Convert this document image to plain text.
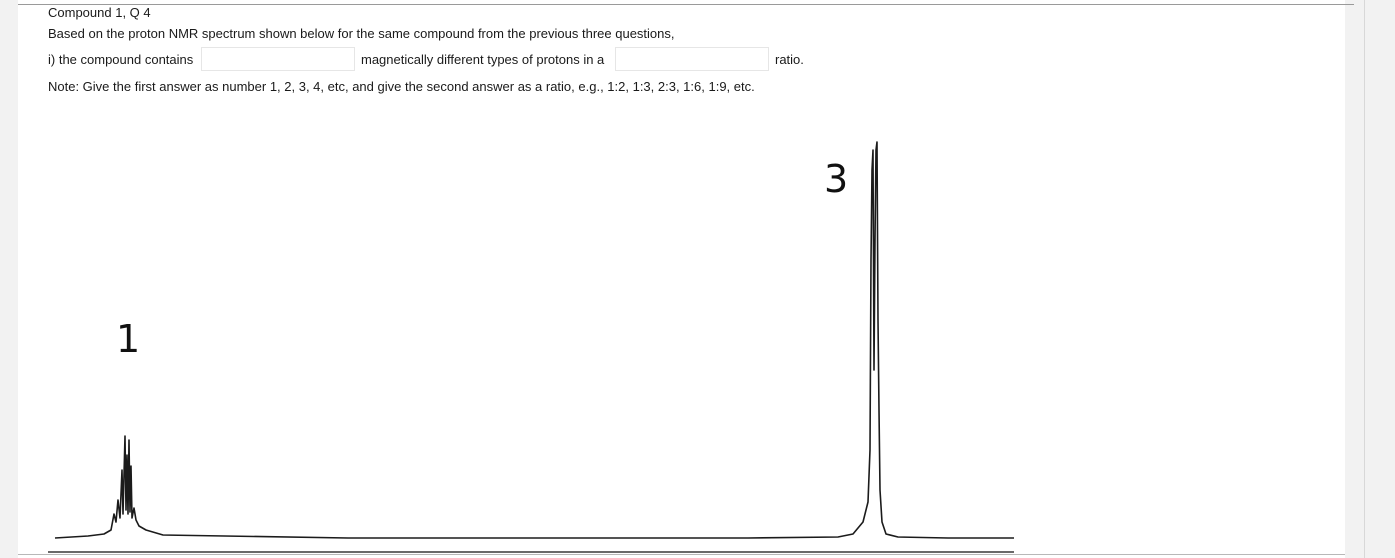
Compound 1, Q 4
Based on the proton NMR spectrum shown below for the same compound from the previous three questions,
i) the compound contains	magnetically different types of protons in a	ratio.
Note: Give the first answer as number 1, 2, 3, 4, etc, and give the second answer as a ratio, e.g., 1:2, 1:3, 2:3, 1:6, 1:9, etc.
1
3
